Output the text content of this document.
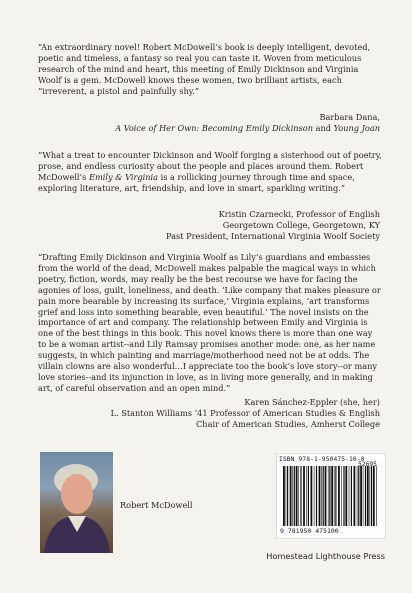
“An extraordinary novel! Robert McDowell’s book is deeply intelligent, devoted, poetic and timeless, a fantasy so real you can taste it. Woven from meticulous research of the mind and heart, this meeting of Emily Dickinson and Virginia Woolf is a gem. McDowell knows these women, two brilliant artists, each “irreverent, a pistol and painfully shy.”

Barbara Dana,
A Voice of Her Own: Becoming Emily Dickinson and Young Joan

“What a treat to encounter Dickinson and Woolf forging a sisterhood out of poetry, prose, and endless curiosity about the people and places around them. Robert McDowell’s Emily & Virginia is a rollicking journey through time and space, exploring literature, art, friendship, and love in smart, sparkling writing.”

Kristin Czarnecki, Professor of English
Georgetown College, Georgetown, KY
Past President, International Virginia Woolf Society

“Drafting Emily Dickinson and Virginia Woolf as Lily’s guardians and embassies from the world of the dead, McDowell makes palpable the magical ways in which poetry, fiction, words, may really be the best recourse we have for facing the agonies of loss, guilt, loneliness, and death. ‘Like company that makes pleasure or pain more bearable by increasing its surface,’ Virginia explains, ‘art transforms grief and loss into something bearable, even beautiful.’ The novel insists on the importance of art and company. The relationship between Emily and Virginia is one of the best things in this book. This novel knows there is more than one way to be a woman artist--and Lily Ramsay promises another mode: one, as her name suggests, in which painting and marriage/motherhood need not be at odds. The villain clowns are also wonderful…I appreciate too the book’s love story--or many love stories--and its injunction in love, as in living more generally, and in making art, of careful observation and an open mind.”

Karen Sánchez-Eppler (she, her)
L. Stanton Williams ’41 Professor of American Studies & English
Chair of American Studies, Amherst College
Robert McDowell
ISBN 978-1-950475-10-0
9 781950 475100
52695
Homestead Lighthouse Press
